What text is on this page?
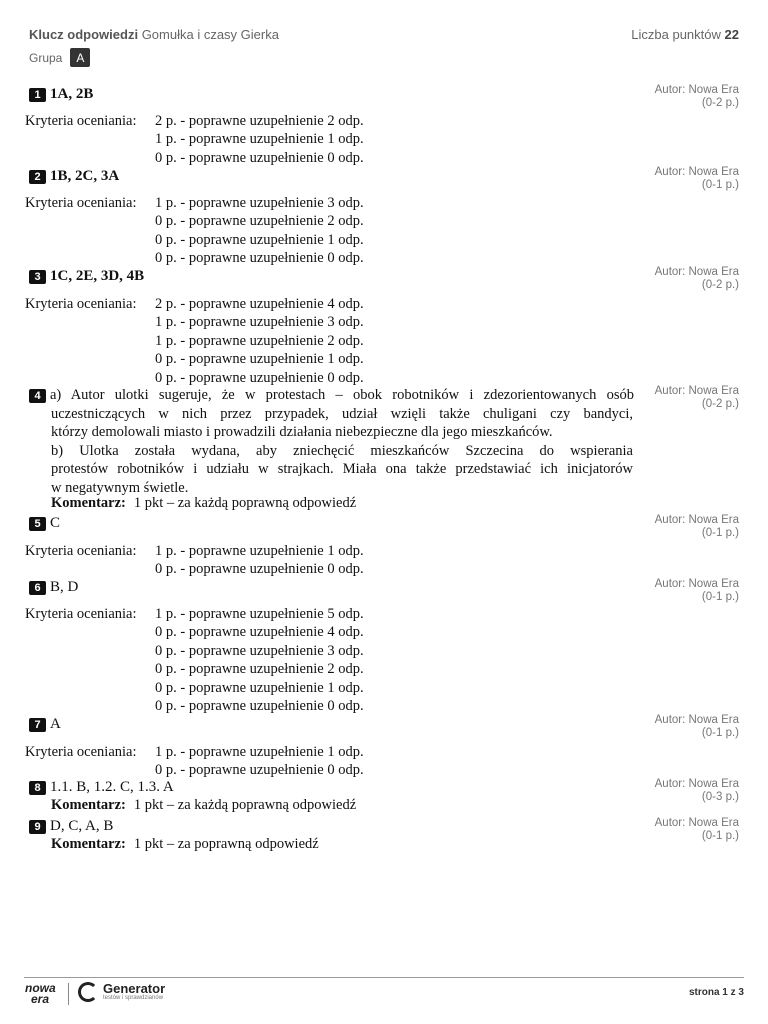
Klucz odpowiedzi Gomułka i czasy Gierka	Liczba punktów 22
Grupa	A
1 1A, 2B	Autor: Nowa Era
(0-2 p.)
Kryteria oceniania:	2 p. - poprawne uzupełnienie 2 odp.
1 p. - poprawne uzupełnienie 1 odp.
0 p. - poprawne uzupełnienie 0 odp.
2 1B, 2C, 3A	Autor: Nowa Era
(0-1 p.)
Kryteria oceniania:	1 p. - poprawne uzupełnienie 3 odp.
0 p. - poprawne uzupełnienie 2 odp.
0 p. - poprawne uzupełnienie 1 odp.
0 p. - poprawne uzupełnienie 0 odp.
3 1C, 2E, 3D, 4B	Autor: Nowa Era
(0-2 p.)
Kryteria oceniania:	2 p. - poprawne uzupełnienie 4 odp.
1 p. - poprawne uzupełnienie 3 odp.
1 p. - poprawne uzupełnienie 2 odp.
0 p. - poprawne uzupełnienie 1 odp.
0 p. - poprawne uzupełnienie 0 odp.
4 a) Autor ulotki sugeruje, że w protestach – obok robotników i zdezorientowanych osób Autor: Nowa Era
(0-2 p.)
uczestniczących w nich przez przypadek, udział wzięli także chuligani czy bandyci,
którzy demolowali miasto i prowadzili działania niebezpieczne dla jego mieszkańców.
b) Ulotka została wydana, aby zniechęcić mieszkańców Szczecina do wspierania
protestów robotników i udziału w strajkach. Miała ona także przedstawiać ich inicjatorów
w negatywnym świetle.
Komentarz: 1 pkt – za każdą poprawną odpowiedź
5 C	Autor: Nowa Era
(0-1 p.)
Kryteria oceniania:	1 p. - poprawne uzupełnienie 1 odp.
0 p. - poprawne uzupełnienie 0 odp.
6 B, D	Autor: Nowa Era
(0-1 p.)
Kryteria oceniania:	1 p. - poprawne uzupełnienie 5 odp.
0 p. - poprawne uzupełnienie 4 odp.
0 p. - poprawne uzupełnienie 3 odp.
0 p. - poprawne uzupełnienie 2 odp.
0 p. - poprawne uzupełnienie 1 odp.
0 p. - poprawne uzupełnienie 0 odp.
7 A	Autor: Nowa Era
(0-1 p.)
Kryteria oceniania:	1 p. - poprawne uzupełnienie 1 odp.
0 p. - poprawne uzupełnienie 0 odp.
8 1.1. B, 1.2. C, 1.3. A	Autor: Nowa Era
(0-3 p.)
Komentarz: 1 pkt – za każdą poprawną odpowiedź
9 D, C, A, B	Autor: Nowa Era
(0-1 p.)
Komentarz: 1 pkt – za poprawną odpowiedź
nowa
era
Generator
testów i sprawdzianów	strona 1 z 3
